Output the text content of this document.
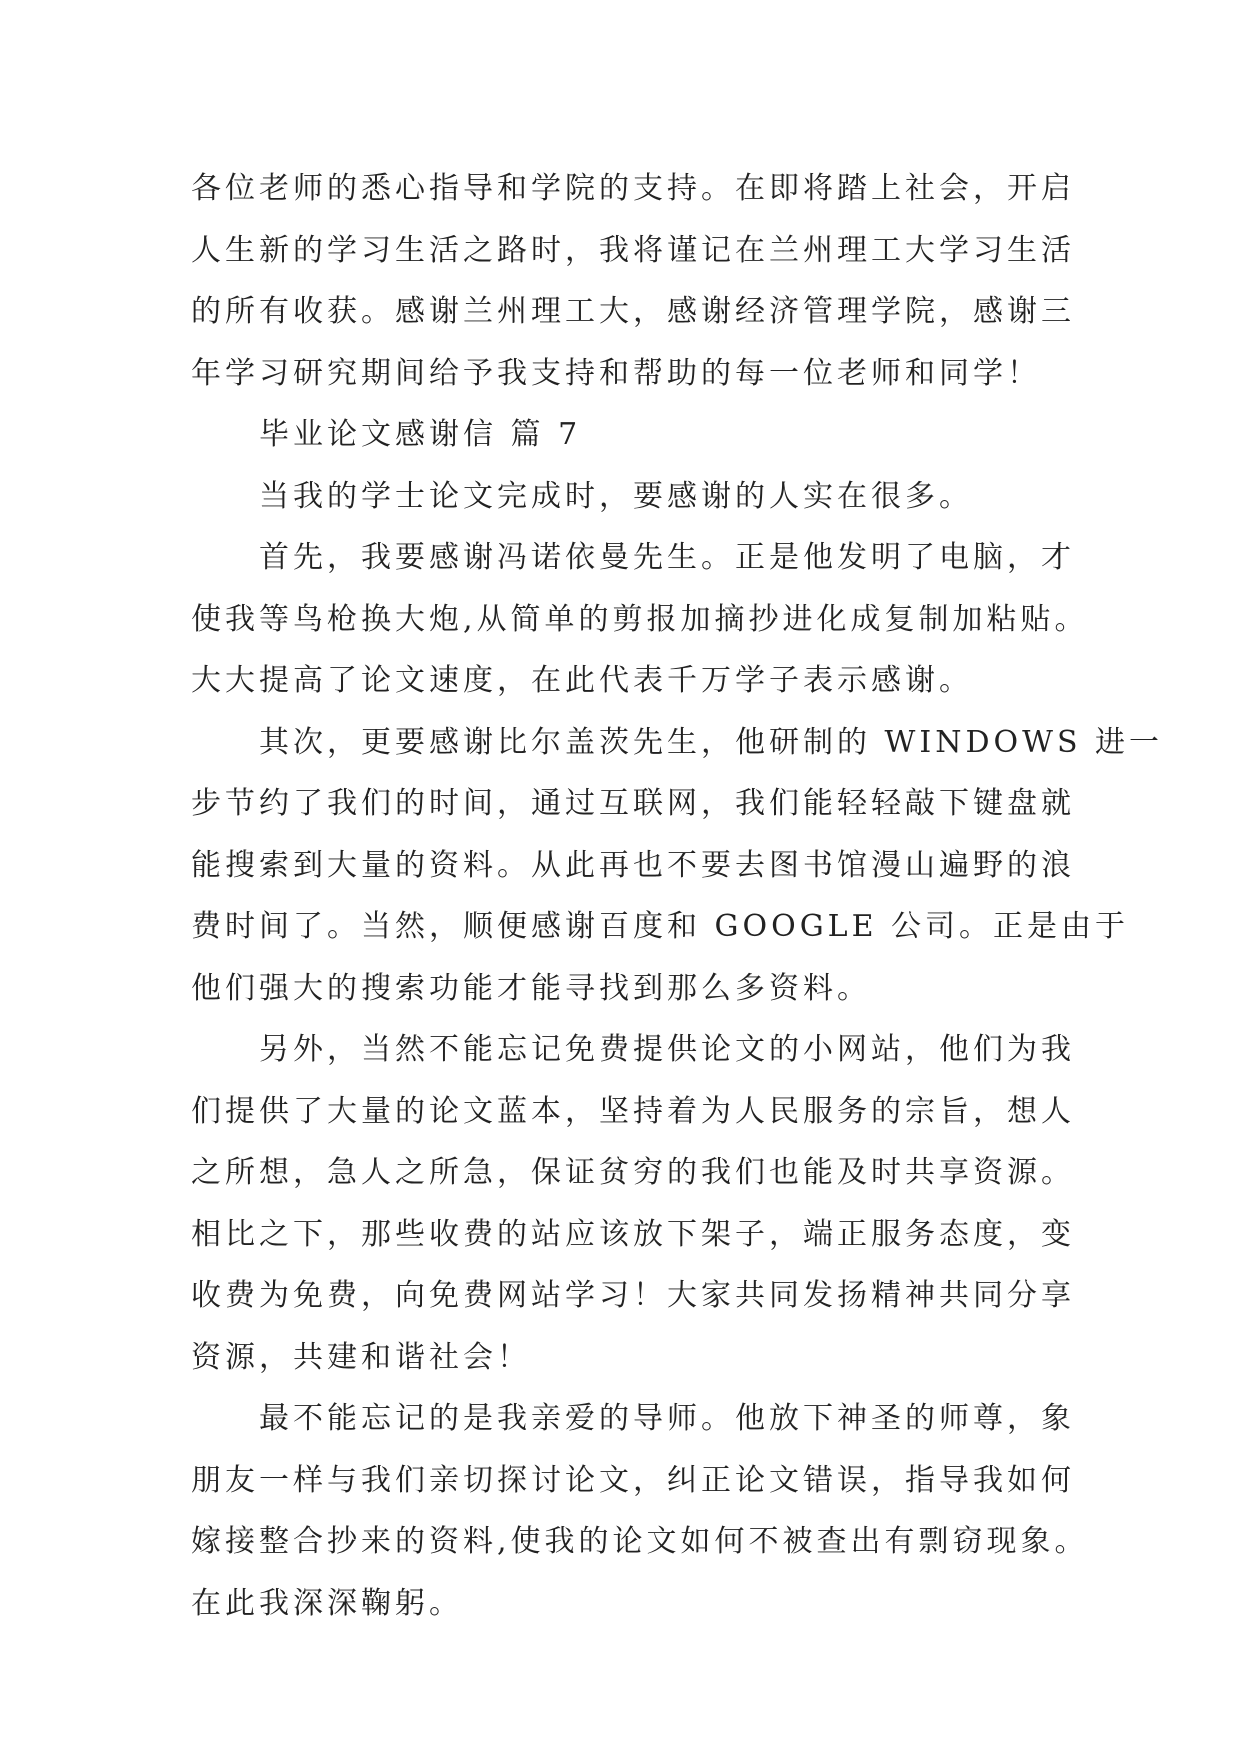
各位老师的悉心指导和学院的支持。在即将踏上社会，开启
人生新的学习生活之路时，我将谨记在兰州理工大学习生活
的所有收获。感谢兰州理工大，感谢经济管理学院，感谢三
年学习研究期间给予我支持和帮助的每一位老师和同学！

毕业论文感谢信 篇 7

当我的学士论文完成时，要感谢的人实在很多。

首先，我要感谢冯诺依曼先生。正是他发明了电脑，才
使我等鸟枪换大炮,从简单的剪报加摘抄进化成复制加粘贴。
大大提高了论文速度，在此代表千万学子表示感谢。

其次，更要感谢比尔盖茨先生，他研制的 WINDOWS 进一
步节约了我们的时间，通过互联网，我们能轻轻敲下键盘就
能搜索到大量的资料。从此再也不要去图书馆漫山遍野的浪
费时间了。当然，顺便感谢百度和 GOOGLE 公司。正是由于
他们强大的搜索功能才能寻找到那么多资料。

另外，当然不能忘记免费提供论文的小网站，他们为我
们提供了大量的论文蓝本，坚持着为人民服务的宗旨，想人
之所想，急人之所急，保证贫穷的我们也能及时共享资源。
相比之下，那些收费的站应该放下架子，端正服务态度，变
收费为免费，向免费网站学习！大家共同发扬精神共同分享
资源，共建和谐社会！

最不能忘记的是我亲爱的导师。他放下神圣的师尊，象
朋友一样与我们亲切探讨论文，纠正论文错误，指导我如何
嫁接整合抄来的资料,使我的论文如何不被查出有剽窃现象。
在此我深深鞠躬。
